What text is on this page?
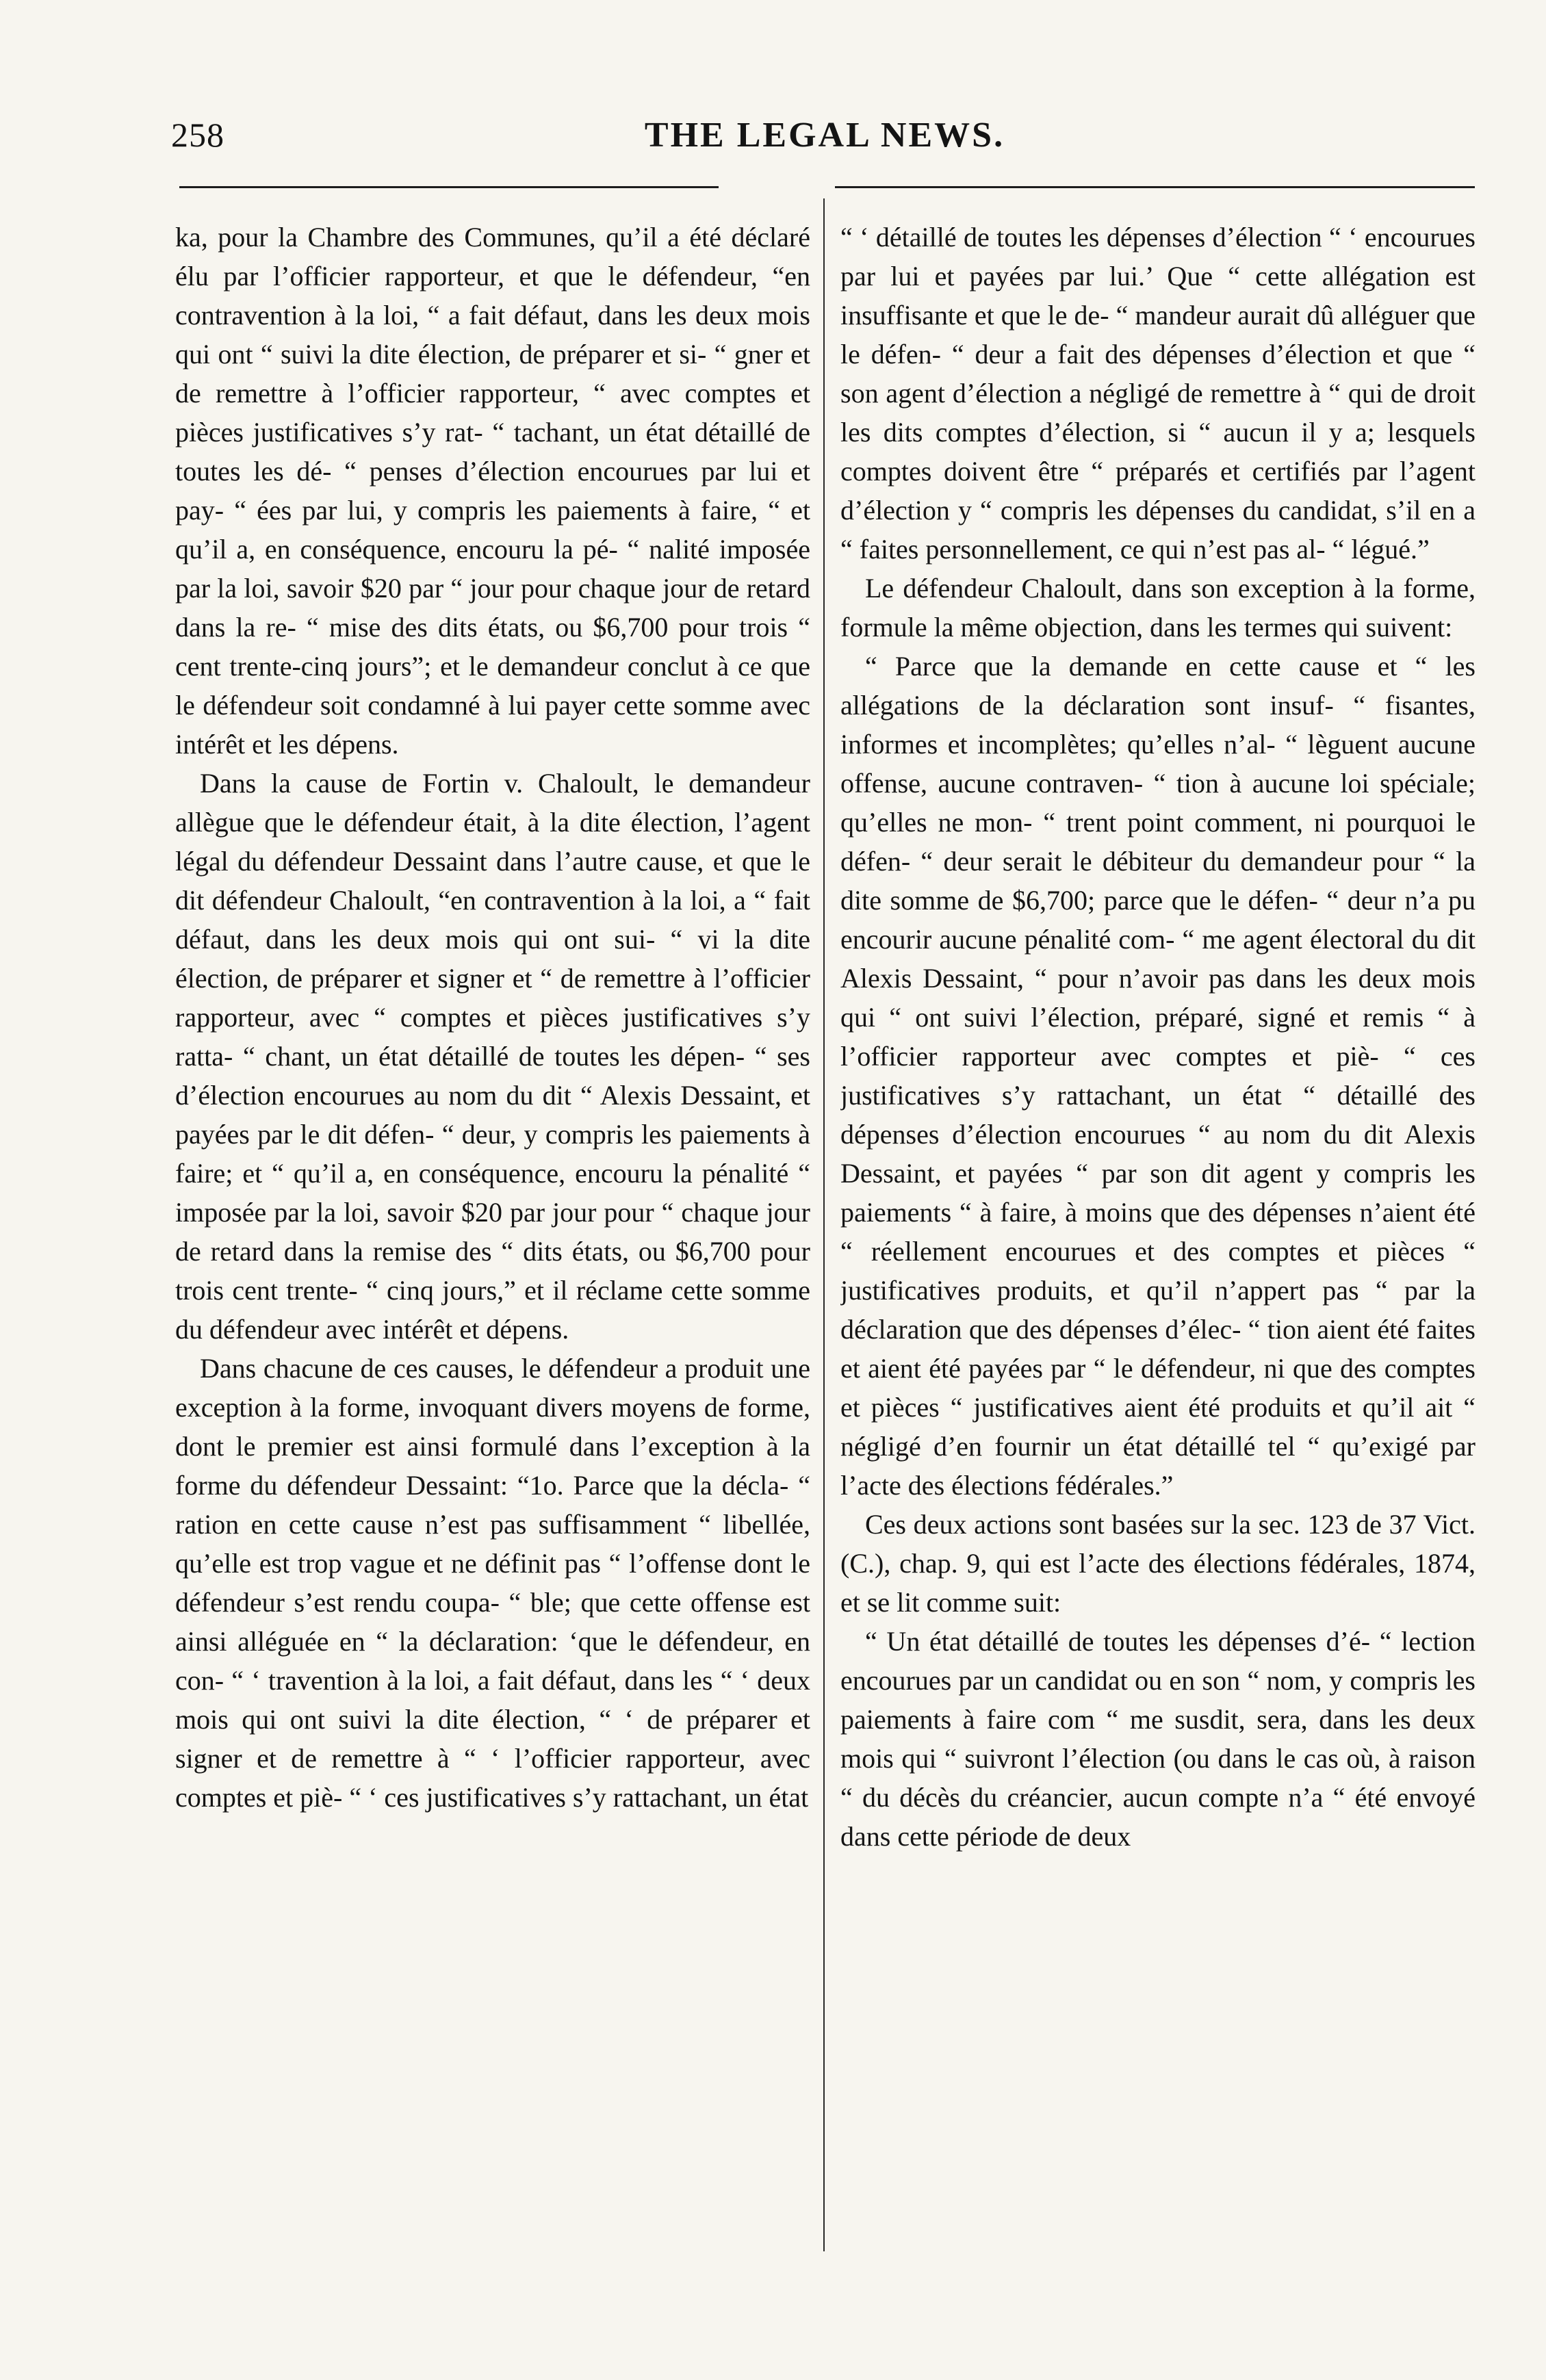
258	THE LEGAL NEWS.

ka, pour la Chambre des Communes, qu’il a été déclaré élu par l’officier rapporteur, et que le défendeur, “en contravention à la loi, “ a fait défaut, dans les deux mois qui ont “ suivi la dite élection, de préparer et si- “ gner et de remettre à l’officier rapporteur, “ avec comptes et pièces justificatives s’y rat- “ tachant, un état détaillé de toutes les dé- “ penses d’élection encourues par lui et pay- “ ées par lui, y compris les paiements à faire, “ et qu’il a, en conséquence, encouru la pé- “ nalité imposée par la loi, savoir $20 par “ jour pour chaque jour de retard dans la re- “ mise des dits états, ou $6,700 pour trois “ cent trente-cinq jours”; et le demandeur conclut à ce que le défendeur soit condamné à lui payer cette somme avec intérêt et les dépens.

Dans la cause de Fortin v. Chaloult, le demandeur allègue que le défendeur était, à la dite élection, l’agent légal du défendeur Dessaint dans l’autre cause, et que le dit défendeur Chaloult, “en contravention à la loi, a “ fait défaut, dans les deux mois qui ont sui- “ vi la dite élection, de préparer et signer et “ de remettre à l’officier rapporteur, avec “ comptes et pièces justificatives s’y ratta- “ chant, un état détaillé de toutes les dépen- “ ses d’élection encourues au nom du dit “ Alexis Dessaint, et payées par le dit défen- “ deur, y compris les paiements à faire; et “ qu’il a, en conséquence, encouru la pénalité “ imposée par la loi, savoir $20 par jour pour “ chaque jour de retard dans la remise des “ dits états, ou $6,700 pour trois cent trente- “ cinq jours,” et il réclame cette somme du défendeur avec intérêt et dépens.

Dans chacune de ces causes, le défendeur a produit une exception à la forme, invoquant divers moyens de forme, dont le premier est ainsi formulé dans l’exception à la forme du défendeur Dessaint: “1o. Parce que la décla- “ ration en cette cause n’est pas suffisamment “ libellée, qu’elle est trop vague et ne définit pas “ l’offense dont le défendeur s’est rendu coupa- “ ble; que cette offense est ainsi alléguée en “ la déclaration: ‘que le défendeur, en con- “ ‘ travention à la loi, a fait défaut, dans les “ ‘ deux mois qui ont suivi la dite élection, “ ‘ de préparer et signer et de remettre à “ ‘ l’officier rapporteur, avec comptes et piè- “ ‘ ces justificatives s’y rattachant, un état

“ ‘ détaillé de toutes les dépenses d’élection “ ‘ encourues par lui et payées par lui.’ Que “ cette allégation est insuffisante et que le de- “ mandeur aurait dû alléguer que le défen- “ deur a fait des dépenses d’élection et que “ son agent d’élection a négligé de remettre à “ qui de droit les dits comptes d’élection, si “ aucun il y a; lesquels comptes doivent être “ préparés et certifiés par l’agent d’élection y “ compris les dépenses du candidat, s’il en a “ faites personnellement, ce qui n’est pas al- “ légué.”

Le défendeur Chaloult, dans son exception à la forme, formule la même objection, dans les termes qui suivent:

“ Parce que la demande en cette cause et “ les allégations de la déclaration sont insuf- “ fisantes, informes et incomplètes; qu’elles n’al- “ lèguent aucune offense, aucune contraven- “ tion à aucune loi spéciale; qu’elles ne mon- “ trent point comment, ni pourquoi le défen- “ deur serait le débiteur du demandeur pour “ la dite somme de $6,700; parce que le défen- “ deur n’a pu encourir aucune pénalité com- “ me agent électoral du dit Alexis Dessaint, “ pour n’avoir pas dans les deux mois qui “ ont suivi l’élection, préparé, signé et remis “ à l’officier rapporteur avec comptes et piè- “ ces justificatives s’y rattachant, un état “ détaillé des dépenses d’élection encourues “ au nom du dit Alexis Dessaint, et payées “ par son dit agent y compris les paiements “ à faire, à moins que des dépenses n’aient été “ réellement encourues et des comptes et pièces “ justificatives produits, et qu’il n’appert pas “ par la déclaration que des dépenses d’élec- “ tion aient été faites et aient été payées par “ le défendeur, ni que des comptes et pièces “ justificatives aient été produits et qu’il ait “ négligé d’en fournir un état détaillé tel “ qu’exigé par l’acte des élections fédérales.”

Ces deux actions sont basées sur la sec. 123 de 37 Vict. (C.), chap. 9, qui est l’acte des élections fédérales, 1874, et se lit comme suit:

“ Un état détaillé de toutes les dépenses d’é- “ lection encourues par un candidat ou en son “ nom, y compris les paiements à faire com “ me susdit, sera, dans les deux mois qui “ suivront l’élection (ou dans le cas où, à raison “ du décès du créancier, aucun compte n’a “ été envoyé dans cette période de deux
